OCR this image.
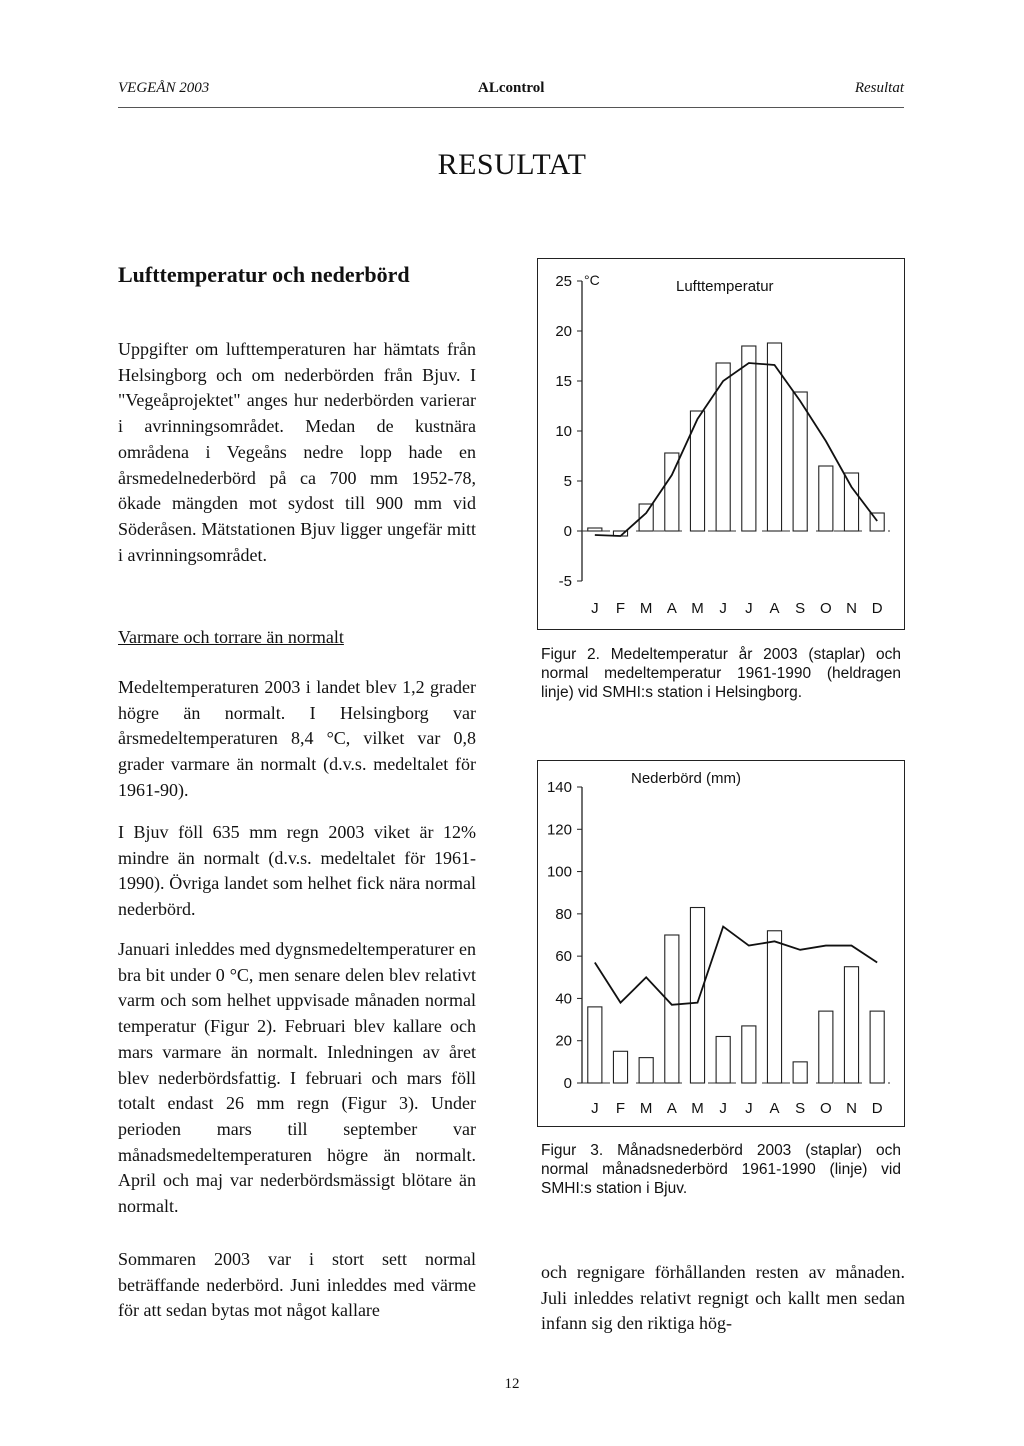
VEGEÅN 2003	ALcontrol	Resultat
RESULTAT
Lufttemperatur och nederbörd
Uppgifter om lufttemperaturen har hämtats från Helsingborg och om nederbörden från Bjuv. I "Vegeåprojektet" anges hur nederbörden varierar i avrinningsområdet. Medan de kustnära områdena i Vegeåns nedre lopp hade en årsmedelnederbörd på ca 700 mm 1952-78, ökade mängden mot sydost till 900 mm vid Söderåsen. Mätstationen Bjuv ligger ungefär mitt i avrinningsområdet.
Varmare och torrare än normalt
Medeltemperaturen 2003 i landet blev 1,2 grader högre än normalt. I Helsingborg var årsmedeltemperaturen 8,4 °C, vilket var 0,8 grader varmare än normalt (d.v.s. medeltalet för 1961-90).
I Bjuv föll 635 mm regn 2003 viket är 12% mindre än normalt (d.v.s. medeltalet för 1961-1990). Övriga landet som helhet fick nära normal nederbörd.
Januari inleddes med dygnsmedeltemperaturer en bra bit under 0 °C, men senare delen blev relativt varm och som helhet uppvisade månaden normal temperatur (Figur 2). Februari blev kallare och mars varmare än normalt. Inledningen av året blev nederbördsfattig. I februari och mars föll totalt endast 26 mm regn (Figur 3). Under perioden mars till september var månadsmedeltemperaturen högre än normalt. April och maj var nederbördsmässigt blötare än normalt.
Sommaren 2003 var i stort sett normal beträffande nederbörd. Juni inleddes med värme för att sedan bytas mot något kallare
25
20
15
10
5
0
-5
J F M A M J J A S O N D
Lufttemperatur
°C
Figur 2. Medeltemperatur år 2003 (staplar) och normal medeltemperatur 1961-1990 (heldragen linje) vid SMHI:s station i Helsingborg.
140
120
100
80
60
40
20
0
J F M A M J J A S O N D
Nederbörd (mm)
Figur 3. Månadsnederbörd 2003 (staplar) och normal månadsnederbörd 1961-1990 (linje) vid SMHI:s station i Bjuv.
och regnigare förhållanden resten av månaden. Juli inleddes relativt regnigt och kallt men sedan infann sig den riktiga hög-
12
